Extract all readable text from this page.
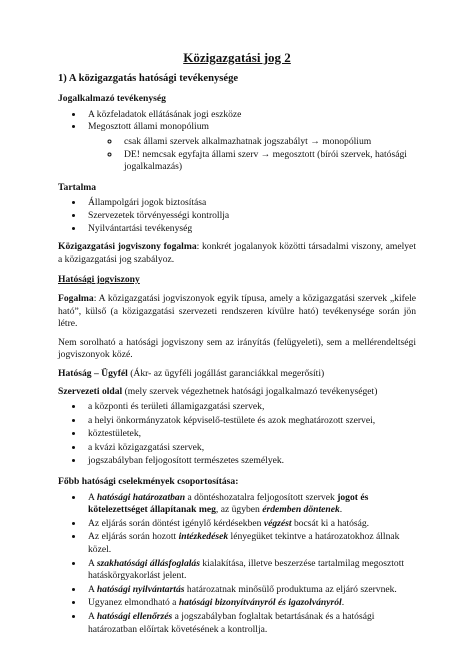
Közigazgatási jog 2
1) A közigazgatás hatósági tevékenysége
Jogalkalmazó tevékenység
• A közfeladatok ellátásának jogi eszköze
• Megosztott állami monopólium
◦ csak állami szervek alkalmazhatnak jogszabályt → monopólium
◦ DE! nemcsak egyfajta állami szerv → megosztott (bírói szervek, hatósági jogalkalmazás)
Tartalma
• Állampolgári jogok biztosítása
• Szervezetek törvényességi kontrollja
• Nyilvántartási tevékenység

Közigazgatási jogviszony fogalma: konkrét jogalanyok közötti társadalmi viszony, amelyet a közigazgatási jog szabályoz.

Hatósági jogviszony

Fogalma: A közigazgatási jogviszonyok egyik típusa, amely a közigazgatási szervek „kifele ható”, külső (a közigazgatási szervezeti rendszeren kívülre ható) tevékenysége során jön létre.

Nem sorolható a hatósági jogviszony sem az irányítás (felügyeleti), sem a mellérendeltségi jogviszonyok közé.

Hatóság – Ügyfél (Ákr- az ügyféli jogállást garanciákkal megerősíti)

Szervezeti oldal (mely szervek végezhetnek hatósági jogalkalmazó tevékenységet)

• a központi és területi államigazgatási szervek,
• a helyi önkormányzatok képviselő-testülete és azok meghatározott szervei,
• köztestületek,
• a kvázi közigazgatási szervek,
• jogszabályban feljogosított természetes személyek.
Főbb hatósági cselekmények csoportosítása:
• A hatósági határozatban a döntéshozatalra feljogosított szervek jogot és kötelezettséget állapítanak meg, az ügyben érdemben döntenek.
• Az eljárás során döntést igénylő kérdésekben végzést bocsát ki a hatóság.
• Az eljárás során hozott intézkedések lényegüket tekintve a határozatokhoz állnak közel.
• A szakhatósági állásfoglalás kialakítása, illetve beszerzése tartalmilag megosztott hatáskörgyakorlást jelent.
• A hatósági nyilvántartás határozatnak minősülő produktuma az eljáró szervnek.
• Ugyanez elmondható a hatósági bizonyítványról és igazolványról.
• A hatósági ellenőrzés a jogszabályban foglaltak betartásának és a hatósági határozatban előírtak követésének a kontrollja.
